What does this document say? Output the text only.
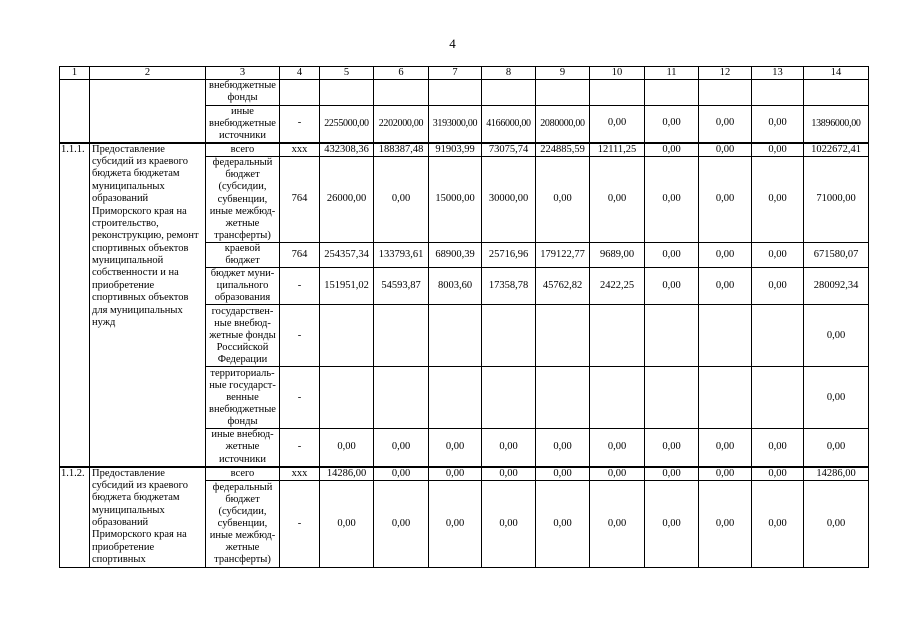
4
1	2	3	4	5	6	7	8	9	10	11	12	13	14
		внебюджетные фонды											
		иные внебюджетные источники	-	2255000,00	2202000,00	3193000,00	4166000,00	2080000,00	0,00	0,00	0,00	0,00	13896000,00
1.1.1.	Предоставление субсидий из краевого бюджета бюджетам муниципальных образований Приморского края на строительство, реконструкцию, ремонт спортивных объектов муниципальной собственности и на приобретение спортивных объектов для муниципальных нужд	всего	ххх	432308,36	188387,48	91903,99	73075,74	224885,59	12111,25	0,00	0,00	0,00	1022672,41
		федеральный бюджет (субсидии, субвенции, иные межбюд-жетные трансферты)	764	26000,00	0,00	15000,00	30000,00	0,00	0,00	0,00	0,00	0,00	71000,00
		краевой бюджет	764	254357,34	133793,61	68900,39	25716,96	179122,77	9689,00	0,00	0,00	0,00	671580,07
		бюджет муни-ципального образования	-	151951,02	54593,87	8003,60	17358,78	45762,82	2422,25	0,00	0,00	0,00	280092,34
		государствен-ные внебюд-жетные фонды Российской Федерации	-										0,00
		территориаль-ные государст-венные внебюджетные фонды	-										0,00
		иные внебюд-жетные источники	-	0,00	0,00	0,00	0,00	0,00	0,00	0,00	0,00	0,00	0,00
1.1.2.	Предоставление субсидий из краевого бюджета бюджетам муниципальных образований Приморского края на приобретение спортивных	всего	ххх	14286,00	0,00	0,00	0,00	0,00	0,00	0,00	0,00	0,00	14286,00
		федеральный бюджет (субсидии, субвенции, иные межбюд-жетные трансферты)	-	0,00	0,00	0,00	0,00	0,00	0,00	0,00	0,00	0,00	0,00
